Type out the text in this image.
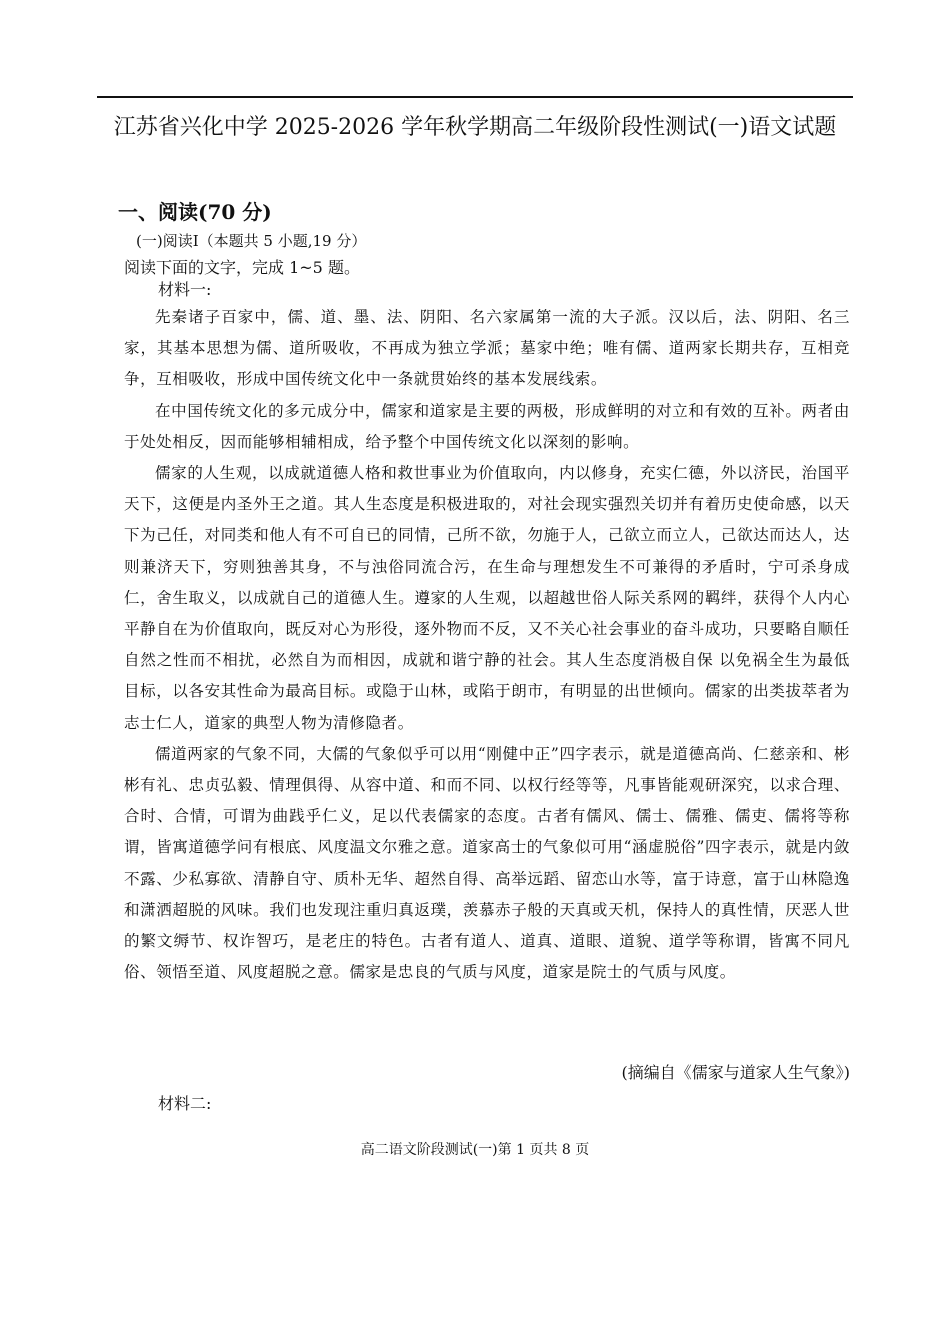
江苏省兴化中学 2025-2026 学年秋学期高二年级阶段性测试(一)语文试题
一、阅读(70 分)
(一)阅读Ⅰ（本题共 5 小题,19 分）
阅读下面的文字，完成 1~5 题。
材料一:

先秦诸子百家中，儒、道、墨、法、阴阳、名六家属第一流的大子派。汉以后，法、阴阳、名三家，其基本思想为儒、道所吸收，不再成为独立学派；墓家中绝；唯有儒、道两家长期共存，互相竞争，互相吸收，形成中国传统文化中一条就贯始终的基本发展线索。

在中国传统文化的多元成分中，儒家和道家是主要的两极，形成鲜明的对立和有效的互补。两者由于处处相反，因而能够相辅相成，给予整个中国传统文化以深刻的影响。

儒家的人生观，以成就道德人格和救世事业为价值取向，内以修身，充实仁德，外以济民，治国平天下，这便是内圣外王之道。其人生态度是积极进取的，对社会现实强烈关切并有着历史使命感，以天下为己任，对同类和他人有不可自已的同情，己所不欲，勿施于人，己欲立而立人，己欲达而达人，达则兼济天下，穷则独善其身，不与浊俗同流合污，在生命与理想发生不可兼得的矛盾时，宁可杀身成仁，舍生取义，以成就自己的道德人生。遵家的人生观，以超越世俗人际关系网的羁绊，获得个人内心平静自在为价值取向，既反对心为形役，逐外物而不反，又不关心社会事业的奋斗成功，只要略自顺任自然之性而不相扰，必然自为而相因，成就和谐宁静的社会。其人生态度消极自保 以免祸全生为最低目标，以各安其性命为最高目标。或隐于山林，或陷于朗市，有明显的出世倾向。儒家的出类拔萃者为志士仁人，道家的典型人物为清修隐者。

儒道两家的气象不同，大儒的气象似乎可以用“刚健中正”四字表示，就是道德高尚、仁慈亲和、彬彬有礼、忠贞弘毅、情理俱得、从容中道、和而不同、以权行经等等，凡事皆能观研深究，以求合理、合时、合情，可谓为曲践乎仁义，足以代表儒家的态度。古者有儒风、儒士、儒雅、儒吏、儒将等称谓，皆寓道德学问有根底、风度温文尔雅之意。道家高士的气象似可用“涵虚脱俗”四字表示，就是内敛不露、少私寡欲、清静自守、质朴无华、超然自得、高举远蹈、留恋山水等，富于诗意，富于山林隐逸和潇洒超脱的风味。我们也发现注重归真返璞，羡慕赤子般的天真或天机，保持人的真性情，厌恶人世的繁文缛节、权诈智巧，是老庄的特色。古者有道人、道真、道眼、道貌、道学等称谓，皆寓不同凡俗、领悟至道、风度超脱之意。儒家是忠良的气质与风度，道家是院士的气质与风度。

(摘编自《儒家与道家人生气象》)
材料二:
高二语文阶段测试(一)第 1 页共 8 页
